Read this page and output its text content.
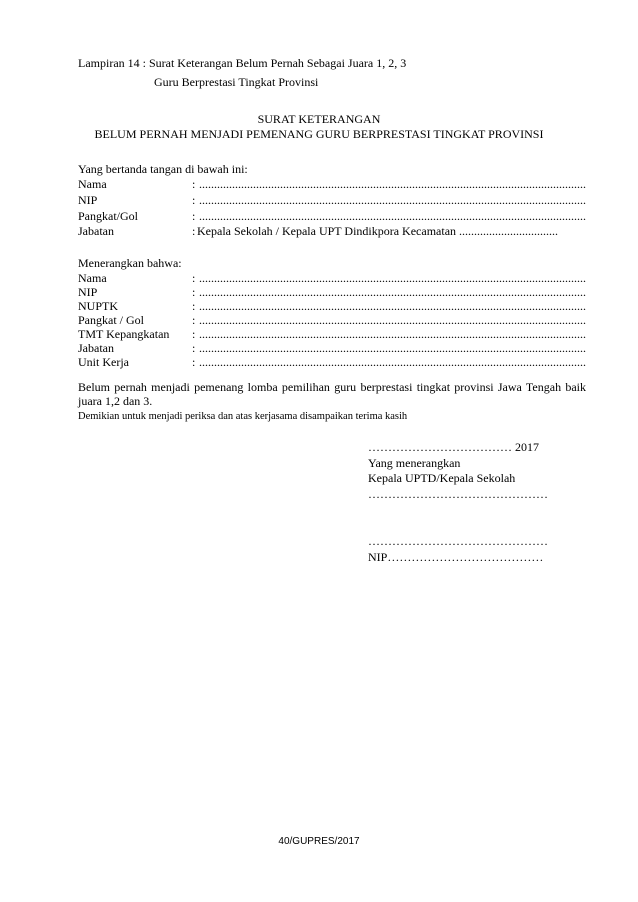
Lampiran 14 : Surat Keterangan Belum Pernah Sebagai Juara 1, 2, 3
Guru Berprestasi Tingkat Provinsi
SURAT KETERANGAN
BELUM PERNAH MENJADI PEMENANG GURU BERPRESTASI TINGKAT PROVINSI
Yang bertanda tangan di bawah ini:
Nama	:
.....
NIP	:
.....
Pangkat/Gol	:
.....
Jabatan	: Kepala Sekolah / Kepala UPT Dindikpora Kecamatan .................................
Menerangkan bahwa:
Nama	:
.....
NIP	:
.....
NUPTK	:
.....
Pangkat / Gol	:
.....
TMT Kepangkatan :
.....
Jabatan	:
.....
Unit Kerja	:
.....
Belum pernah menjadi pemenang lomba pemilihan guru berprestasi tingkat provinsi Jawa Tengah baik juara 1,2 dan 3.
Demikian untuk menjadi periksa dan atas kerjasama disampaikan terima kasih
……………………………… 2017
Yang menerangkan
Kepala UPTD/Kepala Sekolah
………………………………………
………………………………………
NIP…………………………………
40/GUPRES/2017
